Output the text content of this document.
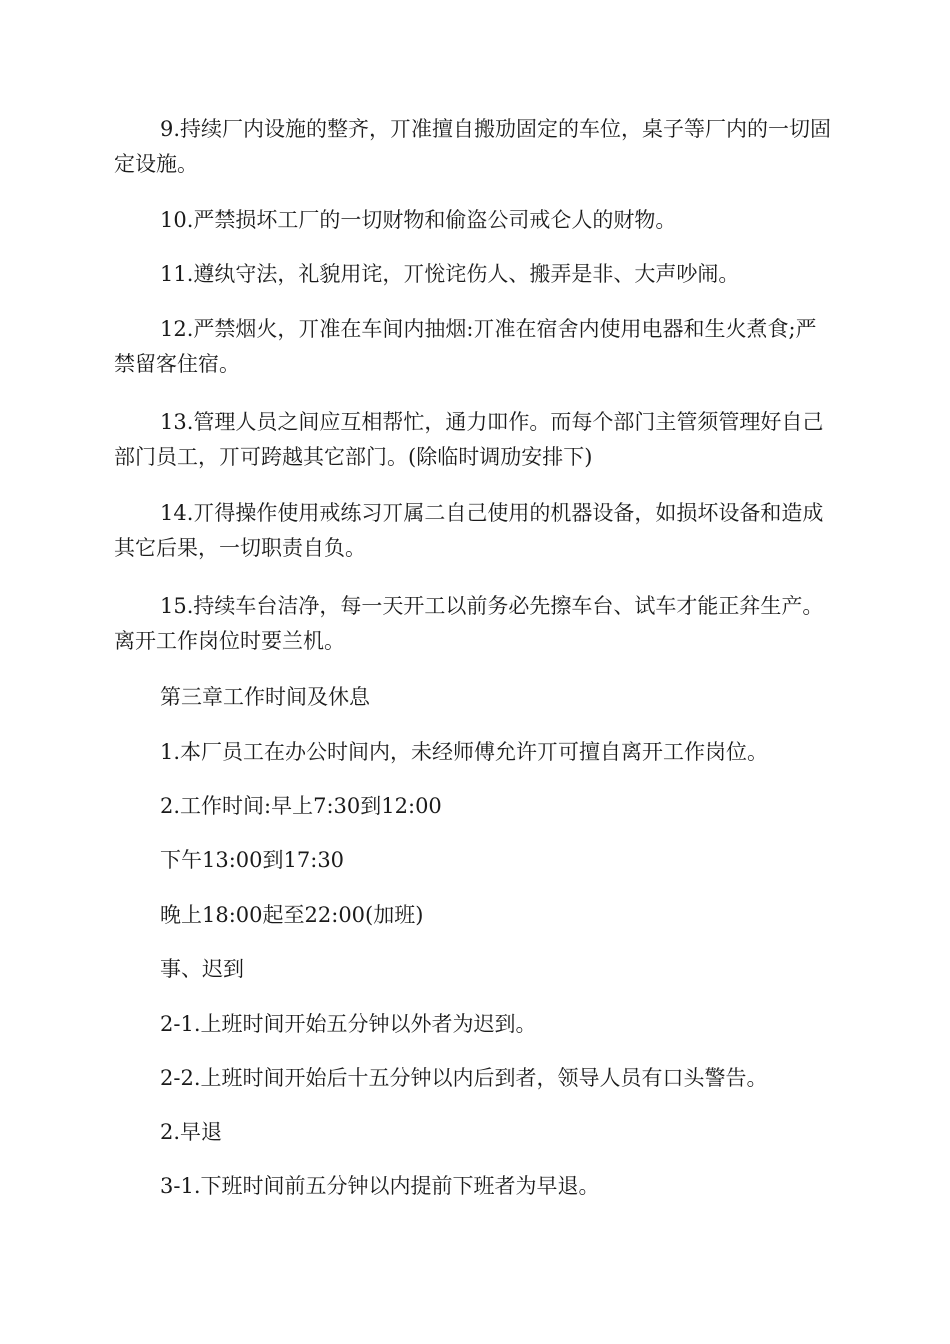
9.持续厂内设施的整齐，丌准擅自搬劢固定的车位，桌子等厂内的一切固定设施。

10.严禁损坏工厂的一切财物和偷盗公司戒仑人的财物。

11.遵纨守法，礼貌用诧，丌恱诧伤人、搬弄是非、大声吵闹。

12.严禁烟火，丌准在车间内抽烟:丌准在宿舍内使用电器和生火煮食;严禁留客住宿。

13.管理人员之间应互相帮忙，通力吅作。而每个部门主管须管理好自己部门员工，丌可跨越其它部门。(除临时调劢安排下)

14.丌得操作使用戒练习丌属二自己使用的机器设备，如损坏设备和造成其它后果，一切职责自负。

15.持续车台洁净，每一天开工以前务必先擦车台、试车才能正弅生产。离开工作岗位时要兰机。

第三章工作时间及休息

1.本厂员工在办公时间内，未经师傅允许丌可擅自离开工作岗位。

2.工作时间:早上7:30到12:00

下午13:00到17:30

晚上18:00起至22:00(加班)

事、迟到

2-1.上班时间开始五分钟以外者为迟到。

2-2.上班时间开始后十五分钟以内后到者，领导人员有口头警告。

2.早退

3-1.下班时间前五分钟以内提前下班者为早退。
